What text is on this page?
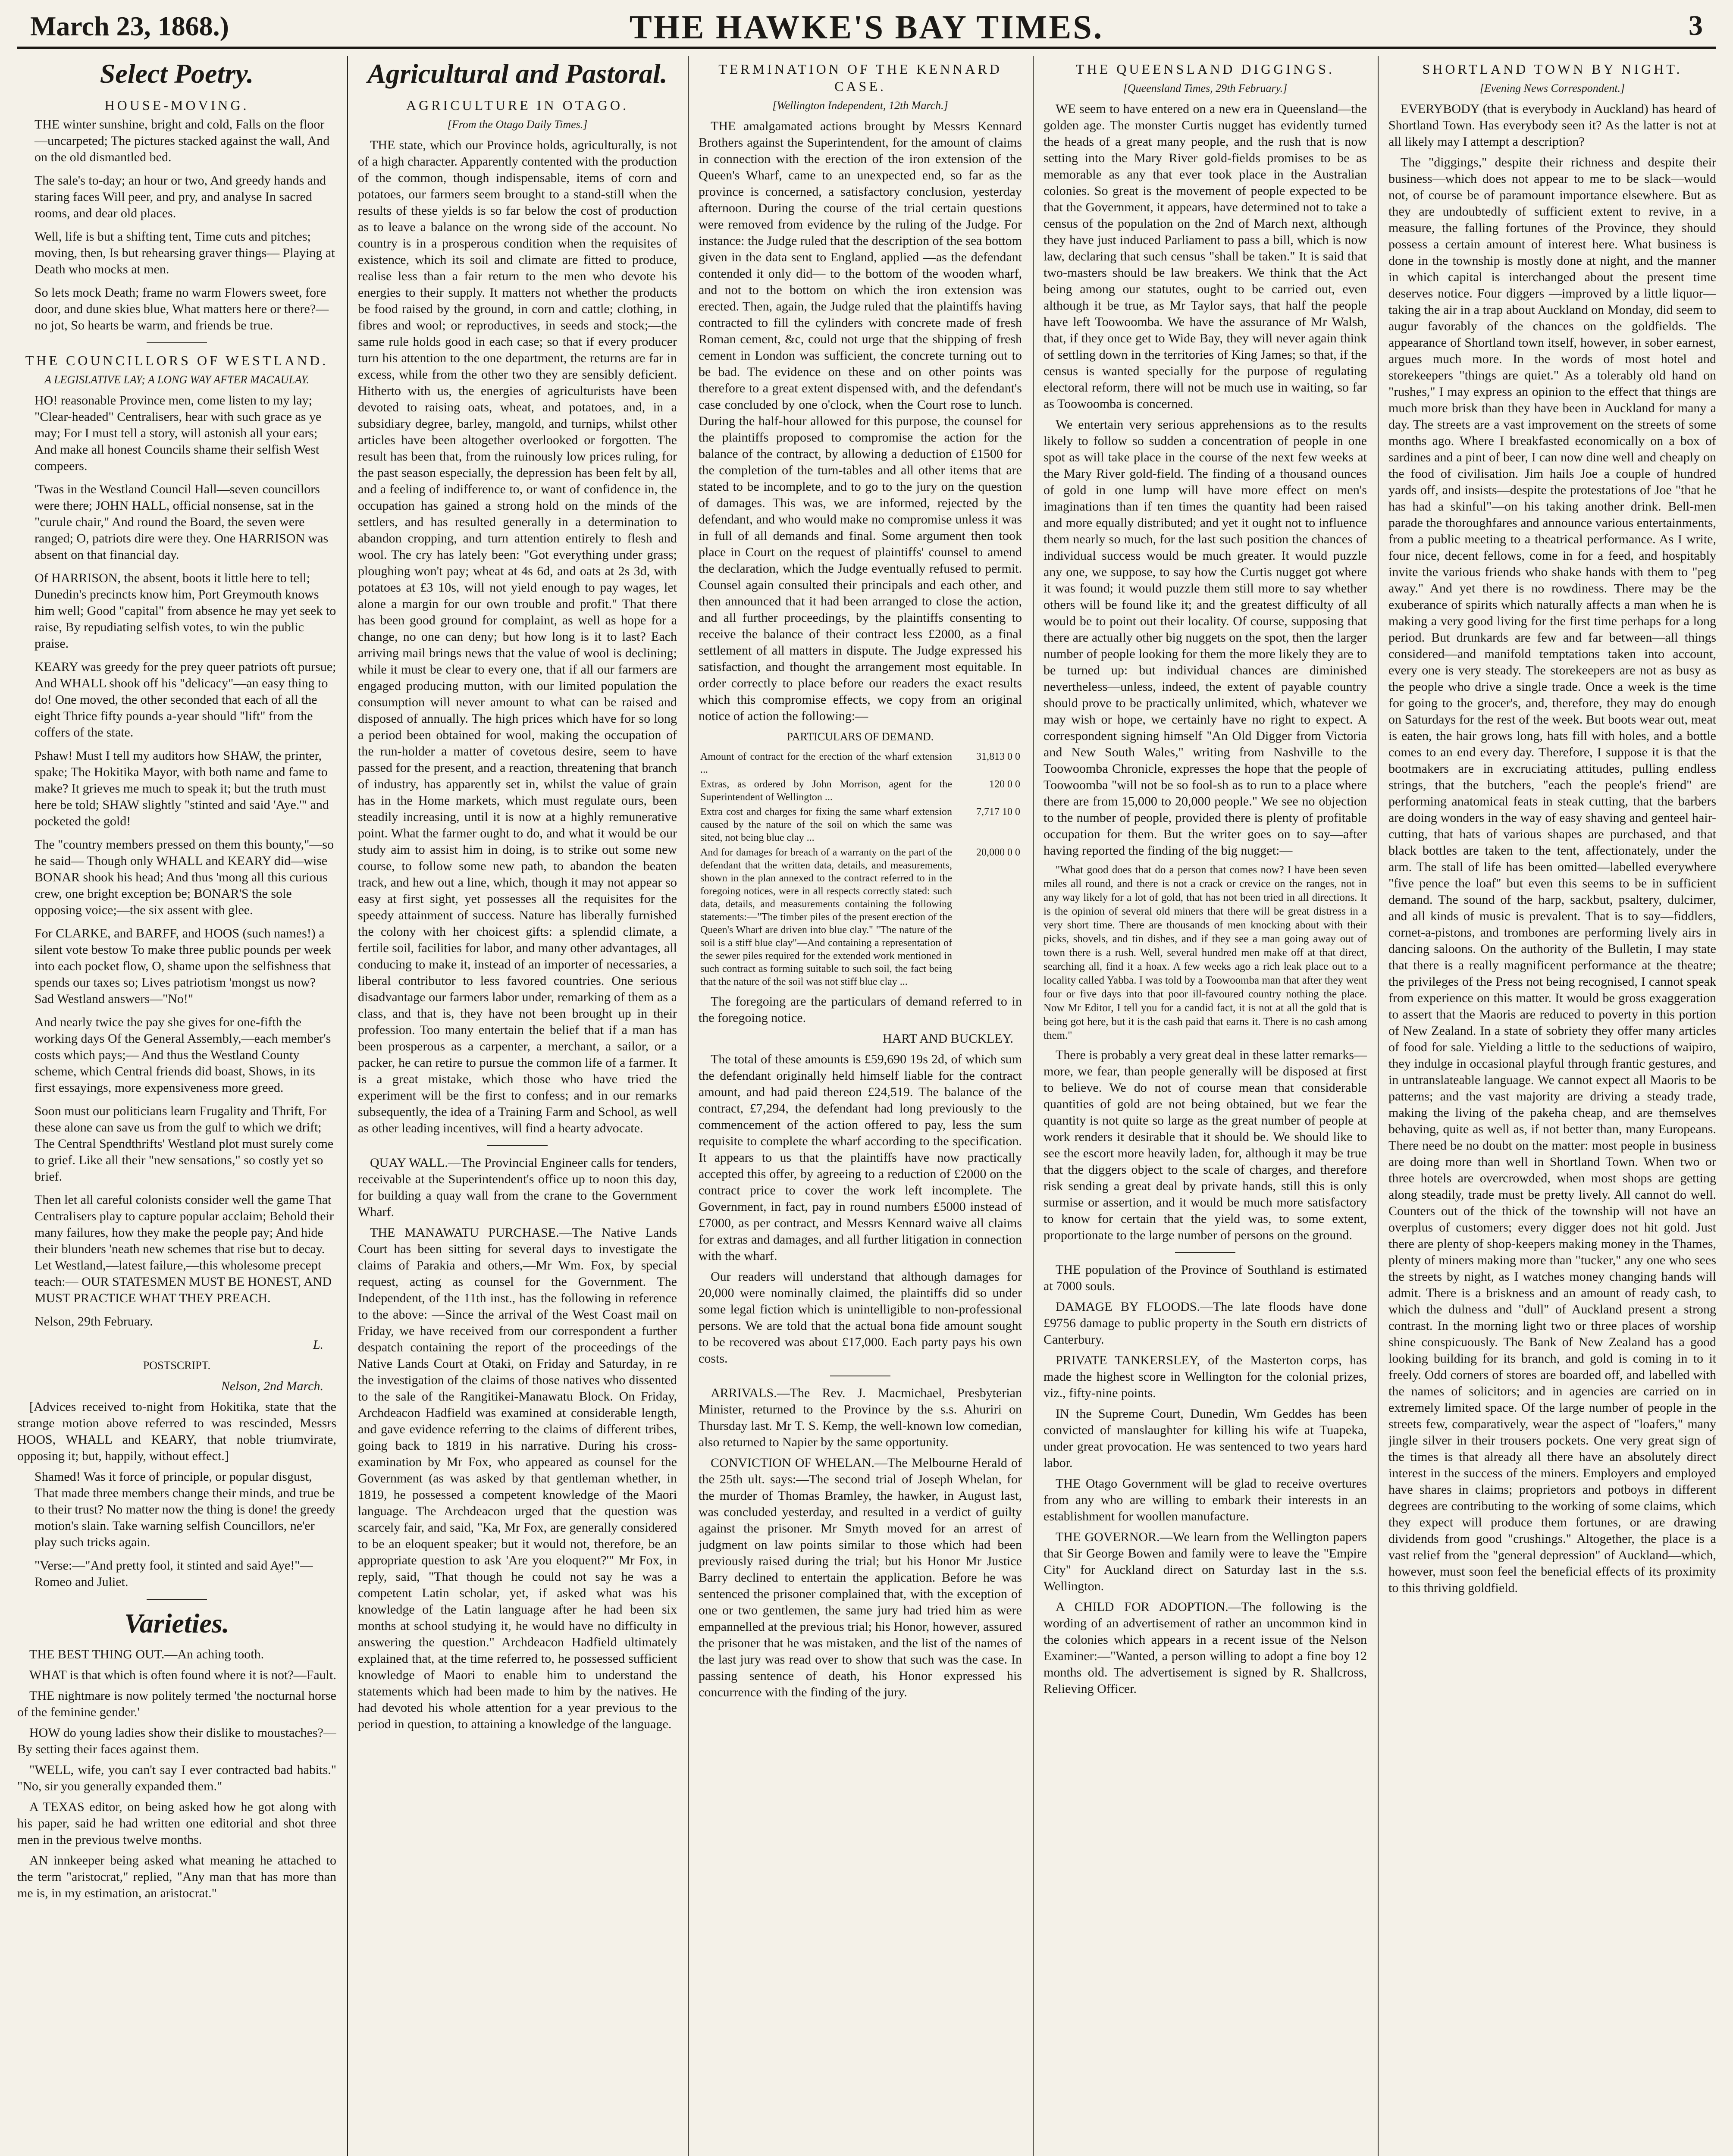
March 23, 1868.)	THE HAWKE'S BAY TIMES.	3
Select Poetry.
HOUSE-MOVING.

THE winter sunshine, bright and cold, Falls on the floor—uncarpeted; The pictures stacked against the wall, And on the old dismantled bed.

The sale's to-day; an hour or two, And greedy hands and staring faces Will peer, and pry, and analyse In sacred rooms, and dear old places.

Well, life is but a shifting tent, Time cuts and pitches; moving, then, Is but rehearsing graver things— Playing at Death who mocks at men.

So lets mock Death; frame no warm Flowers sweet, fore door, and dune skies blue, What matters here or there?—no jot, So hearts be warm, and friends be true.

THE COUNCILLORS OF WESTLAND.
A LEGISLATIVE LAY; A LONG WAY AFTER MACAULAY.

HO! reasonable Province men, come listen to my lay; "Clear-headed" Centralisers, hear with such grace as ye may; For I must tell a story, will astonish all your ears; And make all honest Councils shame their selfish West compeers.

'Twas in the Westland Council Hall—seven councillors were there; JOHN HALL, official nonsense, sat in the "curule chair," And round the Board, the seven were ranged; O, patriots dire were they. One HARRISON was absent on that financial day.

Of HARRISON, the absent, boots it little here to tell; Dunedin's precincts know him, Port Greymouth knows him well; Good "capital" from absence he may yet seek to raise, By repudiating selfish votes, to win the public praise.

KEARY was greedy for the prey queer patriots oft pursue; And WHALL shook off his "delicacy"—an easy thing to do! One moved, the other seconded that each of all the eight Thrice fifty pounds a-year should "lift" from the coffers of the state.

Pshaw! Must I tell my auditors how SHAW, the printer, spake; The Hokitika Mayor, with both name and fame to make? It grieves me much to speak it; but the truth must here be told; SHAW slightly "stinted and said 'Aye.'" and pocketed the gold!

The "country members pressed on them this bounty,"—so he said— Though only WHALL and KEARY did—wise BONAR shook his head; And thus 'mong all this curious crew, one bright exception be; BONAR'S the sole opposing voice;—the six assent with glee.

For CLARKE, and BARFF, and HOOS (such names!) a silent vote bestow To make three public pounds per week into each pocket flow, O, shame upon the selfishness that spends our taxes so; Lives patriotism 'mongst us now? Sad Westland answers—"No!"

And nearly twice the pay she gives for one-fifth the working days Of the General Assembly,—each member's costs which pays;— And thus the Westland County scheme, which Central friends did boast, Shows, in its first essayings, more expensiveness more greed.

Soon must our politicians learn Frugality and Thrift, For these alone can save us from the gulf to which we drift; The Central Spendthrifts' Westland plot must surely come to grief. Like all their "new sensations," so costly yet so brief.

Then let all careful colonists consider well the game That Centralisers play to capture popular acclaim; Behold their many failures, how they make the people pay; And hide their blunders 'neath new schemes that rise but to decay. Let Westland,—latest failure,—this wholesome precept teach:— OUR STATESMEN MUST BE HONEST, AND MUST PRACTICE WHAT THEY PREACH.

Nelson, 29th February.

L.

POSTSCRIPT.

Nelson, 2nd March.

[Advices received to-night from Hokitika, state that the strange motion above referred to was rescinded, Messrs HOOS, WHALL and KEARY, that noble triumvirate, opposing it; but, happily, without effect.]

Shamed! Was it force of principle, or popular disgust, That made three members change their minds, and true be to their trust? No matter now the thing is done! the greedy motion's slain. Take warning selfish Councillors, ne'er play such tricks again.

"Verse:—"And pretty fool, it stinted and said Aye!"—Romeo and Juliet.

Varieties.

THE BEST THING OUT.—An aching tooth.

WHAT is that which is often found where it is not?—Fault.

THE nightmare is now politely termed 'the nocturnal horse of the feminine gender.'

HOW do young ladies show their dislike to moustaches?—By setting their faces against them.

"WELL, wife, you can't say I ever contracted bad habits." "No, sir you generally expanded them."

A TEXAS editor, on being asked how he got along with his paper, said he had written one editorial and shot three men in the previous twelve months.

AN innkeeper being asked what meaning he attached to the term "aristocrat," replied, "Any man that has more than me is, in my estimation, an aristocrat."

Agricultural and Pastoral.
AGRICULTURE IN OTAGO.
[From the Otago Daily Times.]

THE state, which our Province holds, agriculturally, is not of a high character. Apparently contented with the production of the common, though indispensable, items of corn and potatoes, our farmers seem brought to a stand-still when the results of these yields is so far below the cost of production as to leave a balance on the wrong side of the account. No country is in a prosperous condition when the requisites of existence, which its soil and climate are fitted to produce, realise less than a fair return to the men who devote his energies to their supply. It matters not whether the products be food raised by the ground, in corn and cattle; clothing, in fibres and wool; or reproductives, in seeds and stock;—the same rule holds good in each case; so that if every producer turn his attention to the one department, the returns are far in excess, while from the other two they are sensibly deficient. Hitherto with us, the energies of agriculturists have been devoted to raising oats, wheat, and potatoes, and, in a subsidiary degree, barley, mangold, and turnips, whilst other articles have been altogether overlooked or forgotten. The result has been that, from the ruinously low prices ruling, for the past season especially, the depression has been felt by all, and a feeling of indifference to, or want of confidence in, the occupation has gained a strong hold on the minds of the settlers, and has resulted generally in a determination to abandon cropping, and turn attention entirely to flesh and wool. The cry has lately been: "Got everything under grass; ploughing won't pay; wheat at 4s 6d, and oats at 2s 3d, with potatoes at £3 10s, will not yield enough to pay wages, let alone a margin for our own trouble and profit." That there has been good ground for complaint, as well as hope for a change, no one can deny; but how long is it to last? Each arriving mail brings news that the value of wool is declining; while it must be clear to every one, that if all our farmers are engaged producing mutton, with our limited population the consumption will never amount to what can be raised and disposed of annually. The high prices which have for so long a period been obtained for wool, making the occupation of the run-holder a matter of covetous desire, seem to have passed for the present, and a reaction, threatening that branch of industry, has apparently set in, whilst the value of grain has in the Home markets, which must regulate ours, been steadily increasing, until it is now at a highly remunerative point. What the farmer ought to do, and what it would be our study aim to assist him in doing, is to strike out some new course, to follow some new path, to abandon the beaten track, and hew out a line, which, though it may not appear so easy at first sight, yet possesses all the requisites for the speedy attainment of success. Nature has liberally furnished the colony with her choicest gifts: a splendid climate, a fertile soil, facilities for labor, and many other advantages, all conducing to make it, instead of an importer of necessaries, a liberal contributor to less favored countries. One serious disadvantage our farmers labor under, remarking of them as a class, and that is, they have not been brought up in their profession. Too many entertain the belief that if a man has been prosperous as a carpenter, a merchant, a sailor, or a packer, he can retire to pursue the common life of a farmer. It is a great mistake, which those who have tried the experiment will be the first to confess; and in our remarks subsequently, the idea of a Training Farm and School, as well as other leading incentives, will find a hearty advocate.

QUAY WALL.—The Provincial Engineer calls for tenders, receivable at the Superintendent's office up to noon this day, for building a quay wall from the crane to the Government Wharf.

THE MANAWATU PURCHASE.—The Native Lands Court has been sitting for several days to investigate the claims of Parakia and others,—Mr Wm. Fox, by special request, acting as counsel for the Government. The Independent, of the 11th inst., has the following in reference to the above: —Since the arrival of the West Coast mail on Friday, we have received from our correspondent a further despatch containing the report of the proceedings of the Native Lands Court at Otaki, on Friday and Saturday, in re the investigation of the claims of those natives who dissented to the sale of the Rangitikei-Manawatu Block. On Friday, Archdeacon Hadfield was examined at considerable length, and gave evidence referring to the claims of different tribes, going back to 1819 in his narrative. During his cross-examination by Mr Fox, who appeared as counsel for the Government (as was asked by that gentleman whether, in 1819, he possessed a competent knowledge of the Maori language. The Archdeacon urged that the question was scarcely fair, and said, "Ka, Mr Fox, are generally considered to be an eloquent speaker; but it would not, therefore, be an appropriate question to ask 'Are you eloquent?'" Mr Fox, in reply, said, "That though he could not say he was a competent Latin scholar, yet, if asked what was his knowledge of the Latin language after he had been six months at school studying it, he would have no difficulty in answering the question." Archdeacon Hadfield ultimately explained that, at the time referred to, he possessed sufficient knowledge of Maori to enable him to understand the statements which had been made to him by the natives. He had devoted his whole attention for a year previous to the period in question, to attaining a knowledge of the language.

TERMINATION OF THE KENNARD CASE.
[Wellington Independent, 12th March.]

THE amalgamated actions brought by Messrs Kennard Brothers against the Superintendent, for the amount of claims in connection with the erection of the iron extension of the Queen's Wharf, came to an unexpected end, so far as the province is concerned, a satisfactory conclusion, yesterday afternoon. During the course of the trial certain questions were removed from evidence by the ruling of the Judge. For instance: the Judge ruled that the description of the sea bottom given in the data sent to England, applied —as the defendant contended it only did— to the bottom of the wooden wharf, and not to the bottom on which the iron extension was erected. Then, again, the Judge ruled that the plaintiffs having contracted to fill the cylinders with concrete made of fresh Roman cement, &c, could not urge that the shipping of fresh cement in London was sufficient, the concrete turning out to be bad. The evidence on these and on other points was therefore to a great extent dispensed with, and the defendant's case concluded by one o'clock, when the Court rose to lunch. During the half-hour allowed for this purpose, the counsel for the plaintiffs proposed to compromise the action for the balance of the contract, by allowing a deduction of £1500 for the completion of the turn-tables and all other items that are stated to be incomplete, and to go to the jury on the question of damages. This was, we are informed, rejected by the defendant, and who would make no compromise unless it was in full of all demands and final. Some argument then took place in Court on the request of plaintiffs' counsel to amend the declaration, which the Judge eventually refused to permit. Counsel again consulted their principals and each other, and then announced that it had been arranged to close the action, and all further proceedings, by the plaintiffs consenting to receive the balance of their contract less £2000, as a final settlement of all matters in dispute. The Judge expressed his satisfaction, and thought the arrangement most equitable. In order correctly to place before our readers the exact results which this compromise effects, we copy from an original notice of action the following:—

PARTICULARS OF DEMAND.

Amount of contract for the erection of the wharf extension ...	31,813 0 0
Extras, as ordered by John Morrison, agent for the Superintendent of Wellington ...	120 0 0
Extra cost and charges for fixing the same wharf extension caused by the nature of the soil on which the same was sited, not being blue clay ...	7,717 10 0
And for damages for breach of a warranty on the part of the defendant that the written data, details, and measurements, shown in the plan annexed to the contract referred to in the foregoing notices, were in all respects correctly stated: such data, details, and measurements containing the following statements:—"The timber piles of the present erection of the Queen's Wharf are driven into blue clay." "The nature of the soil is a stiff blue clay"—And containing a representation of the sewer piles required for the extended work mentioned in such contract as forming suitable to such soil, the fact being that the nature of the soil was not stiff blue clay ...	20,000 0 0

The foregoing are the particulars of demand referred to in the foregoing notice.

HART AND BUCKLEY.

The total of these amounts is £59,690 19s 2d, of which sum the defendant originally held himself liable for the contract amount, and had paid thereon £24,519. The balance of the contract, £7,294, the defendant had long previously to the commencement of the action offered to pay, less the sum requisite to complete the wharf according to the specification. It appears to us that the plaintiffs have now practically accepted this offer, by agreeing to a reduction of £2000 on the contract price to cover the work left incomplete. The Government, in fact, pay in round numbers £5000 instead of £7000, as per contract, and Messrs Kennard waive all claims for extras and damages, and all further litigation in connection with the wharf.

Our readers will understand that although damages for 20,000 were nominally claimed, the plaintiffs did so under some legal fiction which is unintelligible to non-professional persons. We are told that the actual bona fide amount sought to be recovered was about £17,000. Each party pays his own costs.

ARRIVALS.—The Rev. J. Macmichael, Presbyterian Minister, returned to the Province by the s.s. Ahuriri on Thursday last. Mr T. S. Kemp, the well-known low comedian, also returned to Napier by the same opportunity.

CONVICTION OF WHELAN.—The Melbourne Herald of the 25th ult. says:—The second trial of Joseph Whelan, for the murder of Thomas Bramley, the hawker, in August last, was concluded yesterday, and resulted in a verdict of guilty against the prisoner. Mr Smyth moved for an arrest of judgment on law points similar to those which had been previously raised during the trial; but his Honor Mr Justice Barry declined to entertain the application. Before he was sentenced the prisoner complained that, with the exception of one or two gentlemen, the same jury had tried him as were empannelled at the previous trial; his Honor, however, assured the prisoner that he was mistaken, and the list of the names of the last jury was read over to show that such was the case. In passing sentence of death, his Honor expressed his concurrence with the finding of the jury.

THE QUEENSLAND DIGGINGS.
[Queensland Times, 29th February.]

WE seem to have entered on a new era in Queensland—the golden age. The monster Curtis nugget has evidently turned the heads of a great many people, and the rush that is now setting into the Mary River gold-fields promises to be as memorable as any that ever took place in the Australian colonies. So great is the movement of people expected to be that the Government, it appears, have determined not to take a census of the population on the 2nd of March next, although they have just induced Parliament to pass a bill, which is now law, declaring that such census "shall be taken." It is said that two-masters should be law breakers. We think that the Act being among our statutes, ought to be carried out, even although it be true, as Mr Taylor says, that half the people have left Toowoomba. We have the assurance of Mr Walsh, that, if they once get to Wide Bay, they will never again think of settling down in the territories of King James; so that, if the census is wanted specially for the purpose of regulating electoral reform, there will not be much use in waiting, so far as Toowoomba is concerned.

We entertain very serious apprehensions as to the results likely to follow so sudden a concentration of people in one spot as will take place in the course of the next few weeks at the Mary River gold-field. The finding of a thousand ounces of gold in one lump will have more effect on men's imaginations than if ten times the quantity had been raised and more equally distributed; and yet it ought not to influence them nearly so much, for the last such position the chances of individual success would be much greater. It would puzzle any one, we suppose, to say how the Curtis nugget got where it was found; it would puzzle them still more to say whether others will be found like it; and the greatest difficulty of all would be to point out their locality. Of course, supposing that there are actually other big nuggets on the spot, then the larger number of people looking for them the more likely they are to be turned up: but individual chances are diminished nevertheless—unless, indeed, the extent of payable country should prove to be practically unlimited, which, whatever we may wish or hope, we certainly have no right to expect. A correspondent signing himself "An Old Digger from Victoria and New South Wales," writing from Nashville to the Toowoomba Chronicle, expresses the hope that the people of Toowoomba "will not be so fool-sh as to run to a place where there are from 15,000 to 20,000 people." We see no objection to the number of people, provided there is plenty of profitable occupation for them. But the writer goes on to say—after having reported the finding of the big nugget:—

"What good does that do a person that comes now? I have been seven miles all round, and there is not a crack or crevice on the ranges, not in any way likely for a lot of gold, that has not been tried in all directions. It is the opinion of several old miners that there will be great distress in a very short time. There are thousands of men knocking about with their picks, shovels, and tin dishes, and if they see a man going away out of town there is a rush. Well, several hundred men make off at that direct, searching all, find it a hoax. A few weeks ago a rich leak place out to a locality called Yabba. I was told by a Toowoomba man that after they went four or five days into that poor ill-favoured country nothing the place. Now Mr Editor, I tell you for a candid fact, it is not at all the gold that is being got here, but it is the cash paid that earns it. There is no cash among them."

There is probably a very great deal in these latter remarks—more, we fear, than people generally will be disposed at first to believe. We do not of course mean that considerable quantities of gold are not being obtained, but we fear the quantity is not quite so large as the great number of people at work renders it desirable that it should be. We should like to see the escort more heavily laden, for, although it may be true that the diggers object to the scale of charges, and therefore risk sending a great deal by private hands, still this is only surmise or assertion, and it would be much more satisfactory to know for certain that the yield was, to some extent, proportionate to the large number of persons on the ground.

THE population of the Province of Southland is estimated at 7000 souls.

DAMAGE BY FLOODS.—The late floods have done £9756 damage to public property in the South ern districts of Canterbury.

PRIVATE TANKERSLEY, of the Masterton corps, has made the highest score in Wellington for the colonial prizes, viz., fifty-nine points.

IN the Supreme Court, Dunedin, Wm Geddes has been convicted of manslaughter for killing his wife at Tuapeka, under great provocation. He was sentenced to two years hard labor.

THE Otago Government will be glad to receive overtures from any who are willing to embark their interests in an establishment for woollen manufacture.

THE GOVERNOR.—We learn from the Wellington papers that Sir George Bowen and family were to leave the "Empire City" for Auckland direct on Saturday last in the s.s. Wellington.

A CHILD FOR ADOPTION.—The following is the wording of an advertisement of rather an uncommon kind in the colonies which appears in a recent issue of the Nelson Examiner:—"Wanted, a person willing to adopt a fine boy 12 months old. The advertisement is signed by R. Shallcross, Relieving Officer.

SHORTLAND TOWN BY NIGHT.
[Evening News Correspondent.]

EVERYBODY (that is everybody in Auckland) has heard of Shortland Town. Has everybody seen it? As the latter is not at all likely may I attempt a description?

The "diggings," despite their richness and despite their business—which does not appear to me to be slack—would not, of course be of paramount importance elsewhere. But as they are undoubtedly of sufficient extent to revive, in a measure, the falling fortunes of the Province, they should possess a certain amount of interest here. What business is done in the township is mostly done at night, and the manner in which capital is interchanged about the present time deserves notice. Four diggers —improved by a little liquor—taking the air in a trap about Auckland on Monday, did seem to augur favorably of the chances on the goldfields. The appearance of Shortland town itself, however, in sober earnest, argues much more. In the words of most hotel and storekeepers "things are quiet." As a tolerably old hand on "rushes," I may express an opinion to the effect that things are much more brisk than they have been in Auckland for many a day. The streets are a vast improvement on the streets of some months ago. Where I breakfasted economically on a box of sardines and a pint of beer, I can now dine well and cheaply on the food of civilisation. Jim hails Joe a couple of hundred yards off, and insists—despite the protestations of Joe "that he has had a skinful"—on his taking another drink. Bell-men parade the thoroughfares and announce various entertainments, from a public meeting to a theatrical performance. As I write, four nice, decent fellows, come in for a feed, and hospitably invite the various friends who shake hands with them to "peg away." And yet there is no rowdiness. There may be the exuberance of spirits which naturally affects a man when he is making a very good living for the first time perhaps for a long period. But drunkards are few and far between—all things considered—and manifold temptations taken into account, every one is very steady. The storekeepers are not as busy as the people who drive a single trade. Once a week is the time for going to the grocer's, and, therefore, they may do enough on Saturdays for the rest of the week. But boots wear out, meat is eaten, the hair grows long, hats fill with holes, and a bottle comes to an end every day. Therefore, I suppose it is that the bootmakers are in excruciating attitudes, pulling endless strings, that the butchers, "each the people's friend" are performing anatomical feats in steak cutting, that the barbers are doing wonders in the way of easy shaving and genteel hair-cutting, that hats of various shapes are purchased, and that black bottles are taken to the tent, affectionately, under the arm. The stall of life has been omitted—labelled everywhere "five pence the loaf" but even this seems to be in sufficient demand. The sound of the harp, sackbut, psaltery, dulcimer, and all kinds of music is prevalent. That is to say—fiddlers, cornet-a-pistons, and trombones are performing lively airs in dancing saloons. On the authority of the Bulletin, I may state that there is a really magnificent performance at the theatre; the privileges of the Press not being recognised, I cannot speak from experience on this matter. It would be gross exaggeration to assert that the Maoris are reduced to poverty in this portion of New Zealand. In a state of sobriety they offer many articles of food for sale. Yielding a little to the seductions of waipiro, they indulge in occasional playful through frantic gestures, and in untranslateable language. We cannot expect all Maoris to be patterns; and the vast majority are driving a steady trade, making the living of the pakeha cheap, and are themselves behaving, quite as well as, if not better than, many Europeans. There need be no doubt on the matter: most people in business are doing more than well in Shortland Town. When two or three hotels are overcrowded, when most shops are getting along steadily, trade must be pretty lively. All cannot do well. Counters out of the thick of the township will not have an overplus of customers; every digger does not hit gold. Just there are plenty of shop-keepers making money in the Thames, plenty of miners making more than "tucker," any one who sees the streets by night, as I watches money changing hands will admit. There is a briskness and an amount of ready cash, to which the dulness and "dull" of Auckland present a strong contrast. In the morning light two or three places of worship shine conspicuously. The Bank of New Zealand has a good looking building for its branch, and gold is coming in to it freely. Odd corners of stores are boarded off, and labelled with the names of solicitors; and in agencies are carried on in extremely limited space. Of the large number of people in the streets few, comparatively, wear the aspect of "loafers," many jingle silver in their trousers pockets. One very great sign of the times is that already all there have an absolutely direct interest in the success of the miners. Employers and employed have shares in claims; proprietors and potboys in different degrees are contributing to the working of some claims, which they expect will produce them fortunes, or are drawing dividends from good "crushings." Altogether, the place is a vast relief from the "general depression" of Auckland—which, however, must soon feel the beneficial effects of its proximity to this thriving goldfield.
